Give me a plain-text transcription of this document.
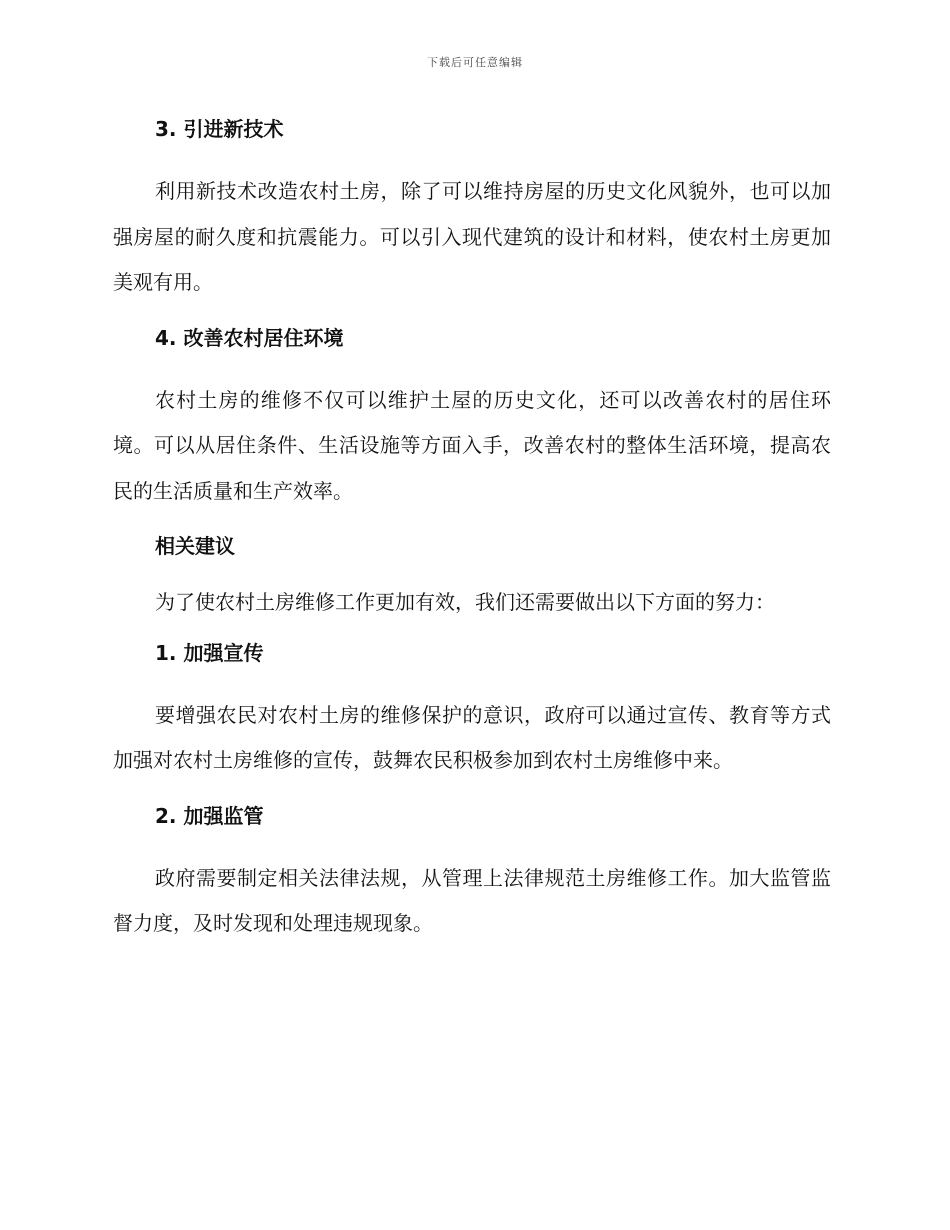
下载后可任意编辑
3. 引进新技术

利用新技术改造农村土房，除了可以维持房屋的历史文化风貌外，也可以加强房屋的耐久度和抗震能力。可以引入现代建筑的设计和材料，使农村土房更加美观有用。

4. 改善农村居住环境

农村土房的维修不仅可以维护土屋的历史文化，还可以改善农村的居住环境。可以从居住条件、生活设施等方面入手，改善农村的整体生活环境，提高农民的生活质量和生产效率。

相关建议

为了使农村土房维修工作更加有效，我们还需要做出以下方面的努力：

1. 加强宣传

要增强农民对农村土房的维修保护的意识，政府可以通过宣传、教育等方式加强对农村土房维修的宣传，鼓舞农民积极参加到农村土房维修中来。

2. 加强监管

政府需要制定相关法律法规，从管理上法律规范土房维修工作。加大监管监督力度，及时发现和处理违规现象。
